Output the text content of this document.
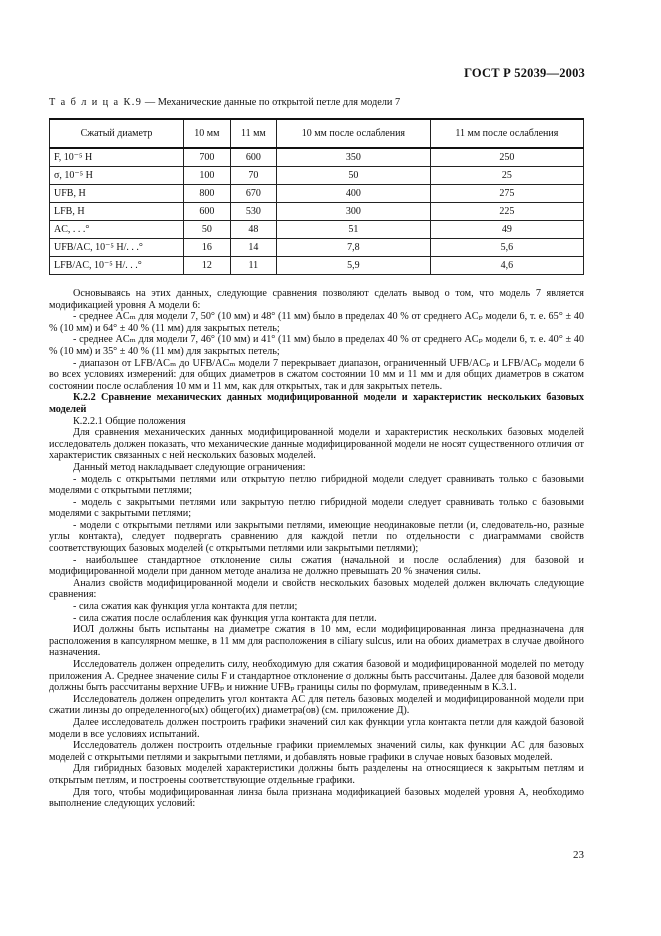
ГОСТ Р 52039—2003
Т а б л и ц а К.9 — Механические данные по открытой петле для модели 7
Сжатый диаметр	10 мм	11 мм	10 мм после ослабления	11 мм после ослабления
F, 10⁻⁵ Н	700	600	350	250
σ, 10⁻⁵ Н	100	70	50	25
UFB, Н	800	670	400	275
LFB, Н	600	530	300	225
AC, . . .°	50	48	51	49
UFB/AC, 10⁻⁵ Н/. . .°	16	14	7,8	5,6
LFB/AC, 10⁻⁵ Н/. . .°	12	11	5,9	4,6

Основываясь на этих данных, следующие сравнения позволяют сделать вывод о том, что модель 7 является модификацией уровня А модели 6:

- среднее ACₘ для модели 7, 50° (10 мм) и 48° (11 мм) было в пределах 40 % от среднего ACₚ модели 6, т. е. 65° ± 40 % (10 мм) и 64° ± 40 % (11 мм) для закрытых петель;

- среднее ACₘ для модели 7, 46° (10 мм) и 41° (11 мм) было в пределах 40 % от среднего ACₚ модели 6, т. е. 40° ± 40 % (10 мм) и 35° ± 40 % (11 мм) для закрытых петель;

- диапазон от LFB/ACₘ до UFB/ACₘ модели 7 перекрывает диапазон, ограниченный UFB/ACₚ и LFB/ACₚ модели 6 во всех условиях измерений: для общих диаметров в сжатом состоянии 10 мм и 11 мм и для общих диаметров в сжатом состоянии после ослабления 10 мм и 11 мм, как для открытых, так и для закрытых петель.

К.2.2 Сравнение механических данных модифицированной модели и характеристик нескольких базовых моделей

К.2.2.1 Общие положения

Для сравнения механических данных модифицированной модели и характеристик нескольких базовых моделей исследователь должен показать, что механические данные модифицированной модели не носят существенного отличия от характеристик связанных с ней нескольких базовых моделей.

Данный метод накладывает следующие ограничения:

- модель с открытыми петлями или открытую петлю гибридной модели следует сравнивать только с базовыми моделями с открытыми петлями;

- модель с закрытыми петлями или закрытую петлю гибридной модели следует сравнивать только с базовыми моделями с закрытыми петлями;

- модели с открытыми петлями или закрытыми петлями, имеющие неодинаковые петли (и, следователь-но, разные углы контакта), следует подвергать сравнению для каждой петли по отдельности с диаграммами свойств соответствующих базовых моделей (с открытыми петлями или закрытыми петлями);

- наибольшее стандартное отклонение силы сжатия (начальной и после ослабления) для базовой и модифицированной модели при данном методе анализа не должно превышать 20 % значения силы.

Анализ свойств модифицированной модели и свойств нескольких базовых моделей должен включать следующие сравнения:

- сила сжатия как функция угла контакта для петли;

- сила сжатия после ослабления как функция угла контакта для петли.

ИОЛ должны быть испытаны на диаметре сжатия в 10 мм, если модифицированная линза предназначена для расположения в капсулярном мешке, в 11 мм для расположения в ciliary sulcus, или на обоих диаметрах в случае двойного назначения.

Исследователь должен определить силу, необходимую для сжатия базовой и модифицированной моделей по методу приложения А. Среднее значение силы F и стандартное отклонение σ должны быть рассчитаны. Далее для базовой модели должны быть рассчитаны верхние UFBₚ и нижние UFBₚ границы силы по формулам, приведенным в К.3.1.

Исследователь должен определить угол контакта AC для петель базовых моделей и модифицированной модели при сжатии линзы до определенного(ых) общего(их) диаметра(ов) (см. приложение Д).

Далее исследователь должен построить графики значений сил как функции угла контакта петли для каждой базовой модели в все условиях испытаний.

Исследователь должен построить отдельные графики приемлемых значений силы, как функции AC для базовых моделей с открытыми петлями и закрытыми петлями, и добавлять новые графики в случае новых базовых моделей.

Для гибридных базовых моделей характеристики должны быть разделены на относящиеся к закрытым петлям и открытым петлям, и построены соответствующие отдельные графики.

Для того, чтобы модифицированная линза была признана модификацией базовых моделей уровня A, необходимо выполнение следующих условий:

23
